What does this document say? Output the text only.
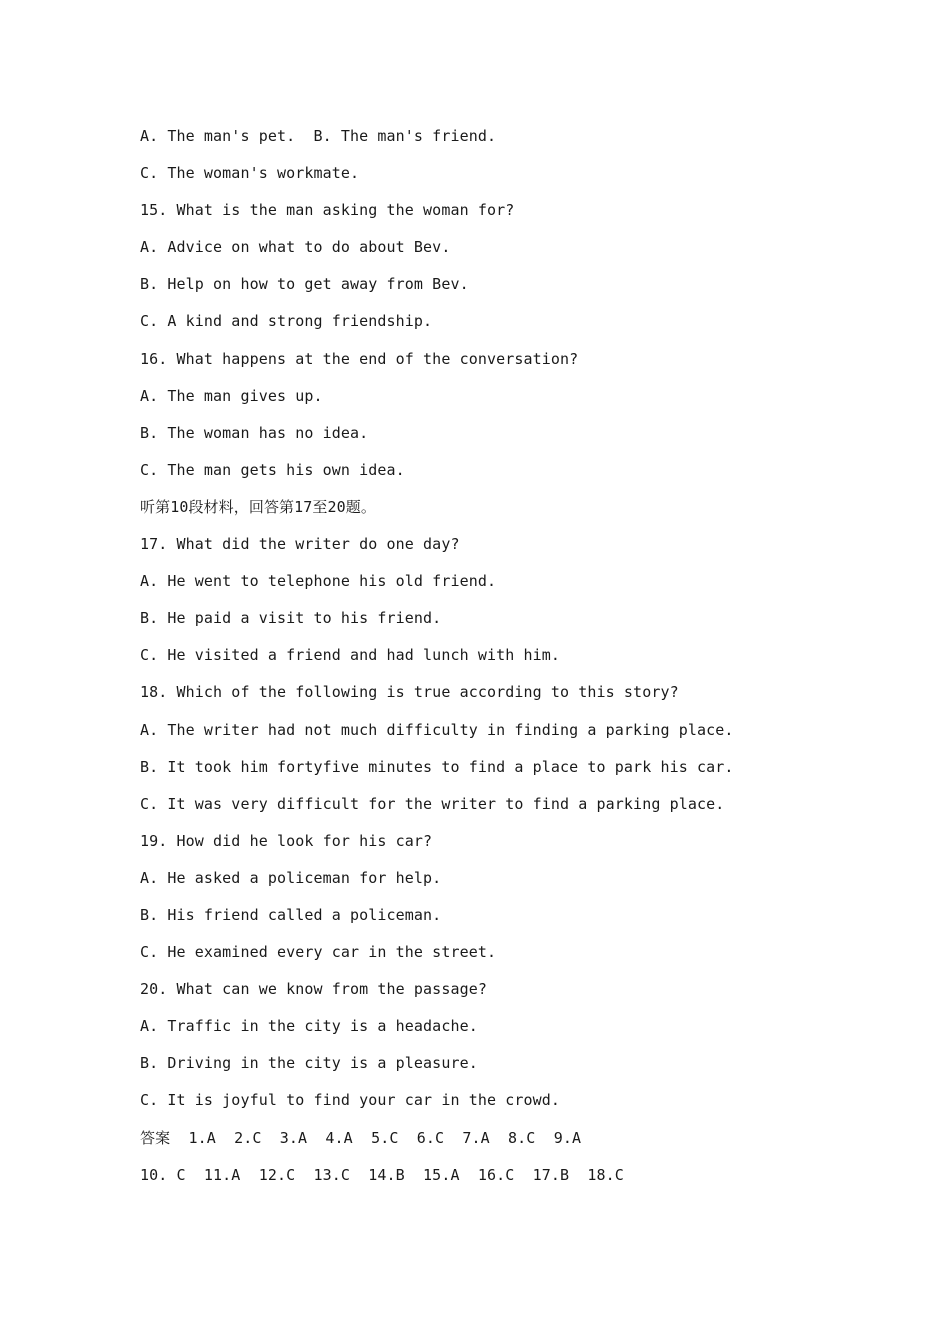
A. The man's pet.  B. The man's friend.
C. The woman's workmate.
15. What is the man asking the woman for?
A. Advice on what to do about Bev.
B. Help on how to get away from Bev.
C. A kind and strong friendship.
16. What happens at the end of the conversation?
A. The man gives up.
B. The woman has no idea.
C. The man gets his own idea.
听第10段材料，回答第17至20题。
17. What did the writer do one day?
A. He went to telephone his old friend.
B. He paid a visit to his friend.
C. He visited a friend and had lunch with him.
18. Which of the following is true according to this story?
A. The writer had not much difficulty in finding a parking place.
B. It took him fortyfive minutes to find a place to park his car.
C. It was very difficult for the writer to find a parking place.
19. How did he look for his car?
A. He asked a policeman for help.
B. His friend called a policeman.
C. He examined every car in the street.
20. What can we know from the passage?
A. Traffic in the city is a headache.
B. Driving in the city is a pleasure.
C. It is joyful to find your car in the crowd.
答案  1.A  2.C  3.A  4.A  5.C  6.C  7.A  8.C  9.A
10. C  11.A  12.C  13.C  14.B  15.A  16.C  17.B  18.C
